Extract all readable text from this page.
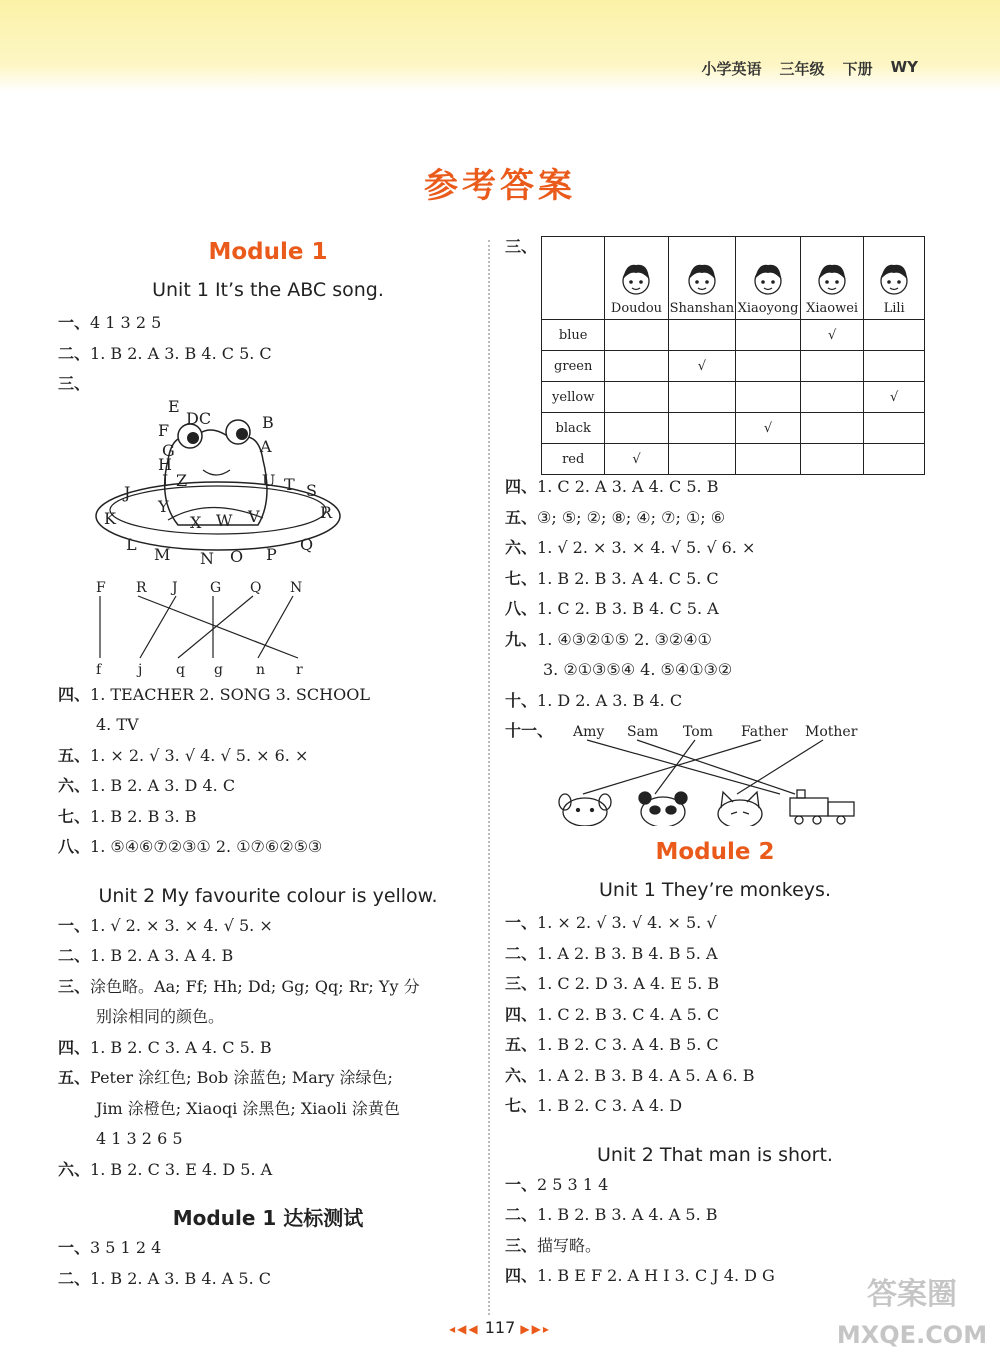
小学英语 三年级 下册 WY
参考答案
Module 1
Unit 1 It’s the ABC song.
一、4 1 3 2 5
二、1. B 2. A 3. B 4. C 5. C
三、
E
DC	B
F
A
G
H
I Z	U T S
J
Y	R
K	X W V
L	Q
M N O P
F R J G Q N
f	j q g n r
四、1. TEACHER 2. SONG 3. SCHOOL
4. TV
五、1. × 2. √ 3. √ 4. √ 5. × 6. ×
六、1. B 2. A 3. D 4. C
七、1. B 2. B 3. B
八、1. ⑤④⑥⑦②③① 2. ①⑦⑥②⑤③
Unit 2 My favourite colour is yellow.
一、1. √ 2. × 3. × 4. √ 5. ×
二、1. B 2. A 3. A 4. B
三、涂色略。Aa; Ff; Hh; Dd; Gg; Qq; Rr; Yy 分
别涂相同的颜色。
四、1. B 2. C 3. A 4. C 5. B
五、Peter 涂红色; Bob 涂蓝色; Mary 涂绿色;
Jim 涂橙色; Xiaoqi 涂黑色; Xiaoli 涂黄色
4 1 3 2 6 5
六、1. B 2. C 3. E 4. D 5. A
Module 1 达标测试
一、3 5 1 2 4
二、1. B 2. A 3. B 4. A 5. C
三、

	Doudou	Shanshan	Xiaoyong	Xiaowei	Lili

blue				√	
green		√			
yellow					√
black			√		
red	√				
四、1. C 2. A 3. A 4. C 5. B
五、③; ⑤; ②; ⑧; ④; ⑦; ①; ⑥
六、1. √ 2. × 3. × 4. √ 5. √ 6. ×
七、1. B 2. B 3. A 4. C 5. C
八、1. C 2. B 3. B 4. C 5. A
九、1. ④③②①⑤ 2. ③②④①
3. ②①③⑤④ 4. ⑤④①③②
十、1. D 2. A 3. B 4. C
十一、 Amy Sam Tom Father Mother
Module 2
Unit 1 They’re monkeys.
一、1. × 2. √ 3. √ 4. × 5. √
二、1. A 2. B 3. B 4. B 5. A
三、1. C 2. D 3. A 4. E 5. B
四、1. C 2. B 3. C 4. A 5. C
五、1. B 2. C 3. A 4. B 5. C
六、1. A 2. B 3. B 4. A 5. A 6. B
七、1. B 2. C 3. A 4. D
Unit 2 That man is short.
一、2 5 3 1 4
二、1. B 2. B 3. A 4. A 5. B
三、描写略。
四、1. B E F 2. A H I 3. C J 4. D G
◂◀◀ 117 ▶▶▸
答案圈
MXQE.COM
